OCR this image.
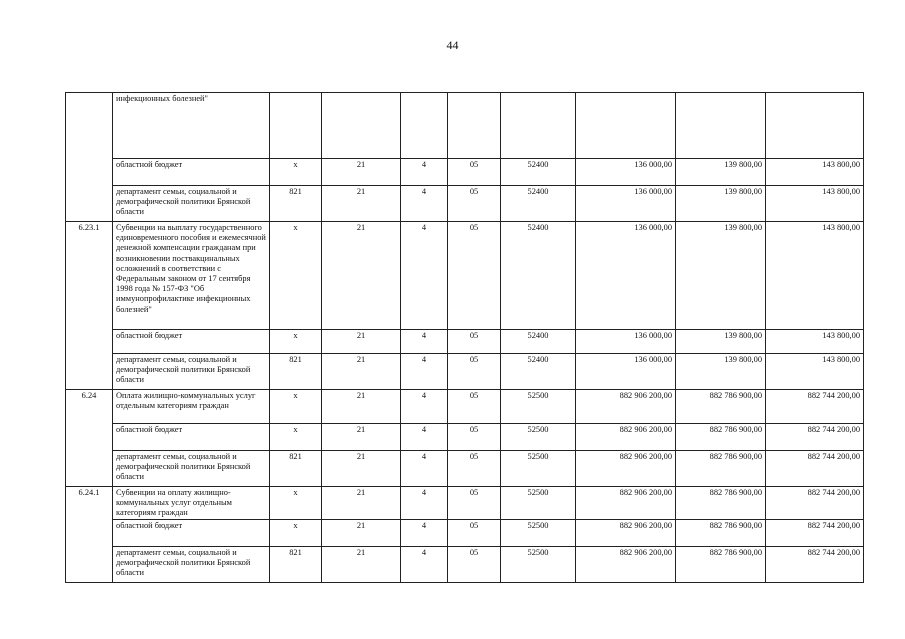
44
	инфекционных болезней"								
	областной бюджет	x	21	4	05	52400	136 000,00	139 800,00	143 800,00
	департамент семьи, социальной и демографической политики Брянской области	821	21	4	05	52400	136 000,00	139 800,00	143 800,00
6.23.1	Субвенции на выплату государственного единовременного пособия и ежемесячной денежной компенсации гражданам при возникновении поствакцинальных осложнений в соответствии с Федеральным законом от 17 сентября 1998 года № 157-ФЗ "Об иммунопрофилактике инфекционных болезней"	x	21	4	05	52400	136 000,00	139 800,00	143 800,00
	областной бюджет	x	21	4	05	52400	136 000,00	139 800,00	143 800,00
	департамент семьи, социальной и демографической политики Брянской области	821	21	4	05	52400	136 000,00	139 800,00	143 800,00
6.24	Оплата жилищно-коммунальных услуг отдельным категориям граждан	x	21	4	05	52500	882 906 200,00	882 786 900,00	882 744 200,00
	областной бюджет	x	21	4	05	52500	882 906 200,00	882 786 900,00	882 744 200,00
	департамент семьи, социальной и демографической политики Брянской области	821	21	4	05	52500	882 906 200,00	882 786 900,00	882 744 200,00
6.24.1	Субвенции на оплату жилищно-коммунальных услуг отдельным категориям граждан	x	21	4	05	52500	882 906 200,00	882 786 900,00	882 744 200,00
	областной бюджет	x	21	4	05	52500	882 906 200,00	882 786 900,00	882 744 200,00
	департамент семьи, социальной и демографической политики Брянской области	821	21	4	05	52500	882 906 200,00	882 786 900,00	882 744 200,00
